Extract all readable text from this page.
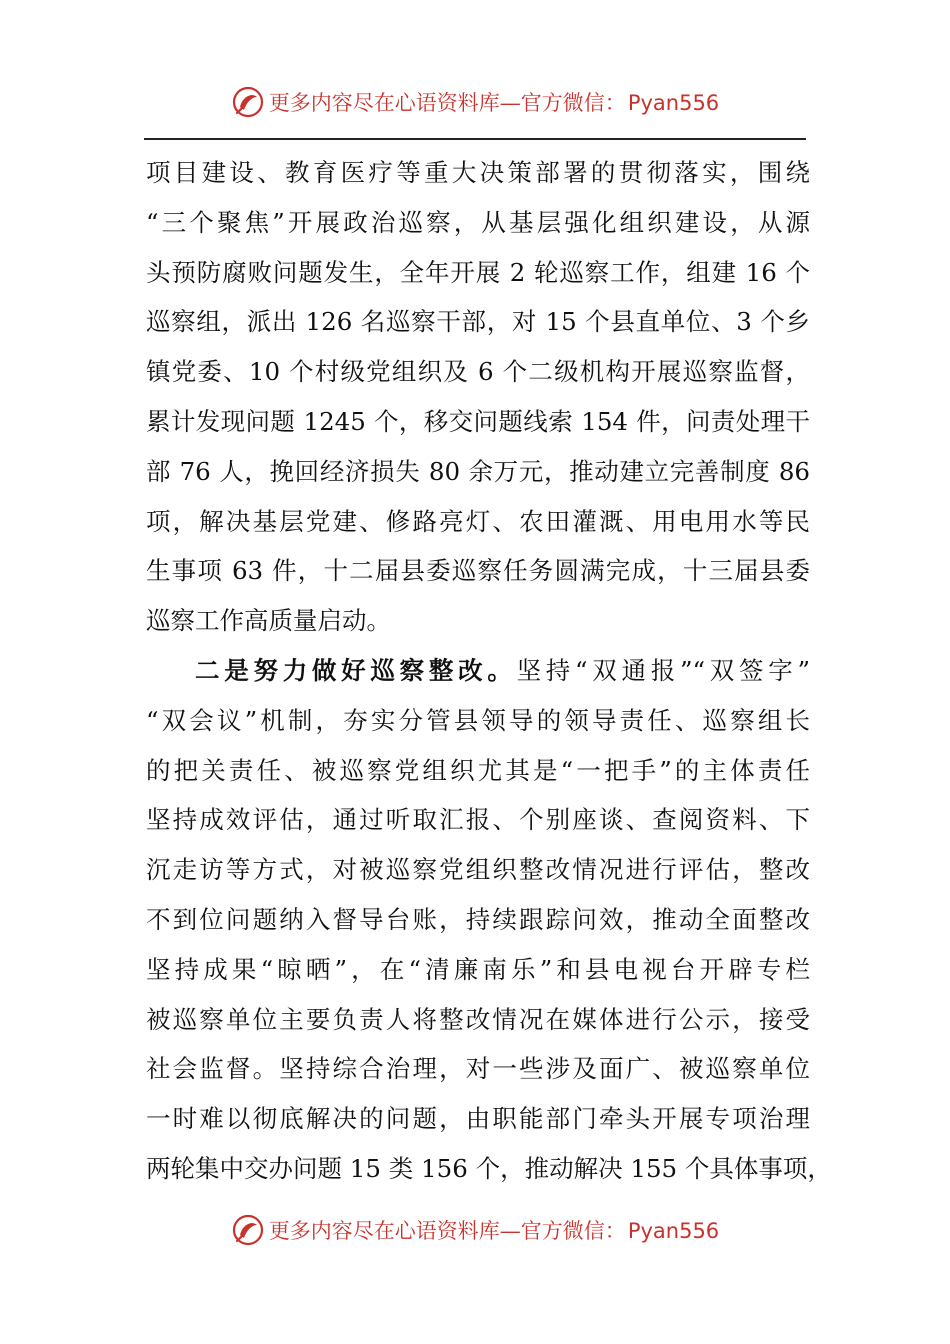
更多内容尽在心语资料库—官方微信：Pyan556
项目建设、教育医疗等重大决策部署的贯彻落实，围绕
“三个聚焦”开展政治巡察，从基层强化组织建设，从源
头预防腐败问题发生，全年开展 2 轮巡察工作，组建 16 个
巡察组，派出 126 名巡察干部，对 15 个县直单位、3 个乡
镇党委、10 个村级党组织及 6 个二级机构开展巡察监督，
累计发现问题 1245 个，移交问题线索 154 件，问责处理干
部 76 人，挽回经济损失 80 余万元，推动建立完善制度 86
项，解决基层党建、修路亮灯、农田灌溉、用电用水等民
生事项 63 件，十二届县委巡察任务圆满完成，十三届县委
巡察工作高质量启动。
二是努力做好巡察整改。坚持“双通报”“双签字”
“双会议”机制，夯实分管县领导的领导责任、巡察组长
的把关责任、被巡察党组织尤其是“一把手”的主体责任
坚持成效评估，通过听取汇报、个别座谈、查阅资料、下
沉走访等方式，对被巡察党组织整改情况进行评估，整改
不到位问题纳入督导台账，持续跟踪问效，推动全面整改
坚持成果“晾晒”，在“清廉南乐”和县电视台开辟专栏
被巡察单位主要负责人将整改情况在媒体进行公示，接受
社会监督。坚持综合治理，对一些涉及面广、被巡察单位
一时难以彻底解决的问题，由职能部门牵头开展专项治理
两轮集中交办问题 15 类 156 个，推动解决 155 个具体事项，
更多内容尽在心语资料库—官方微信：Pyan556
